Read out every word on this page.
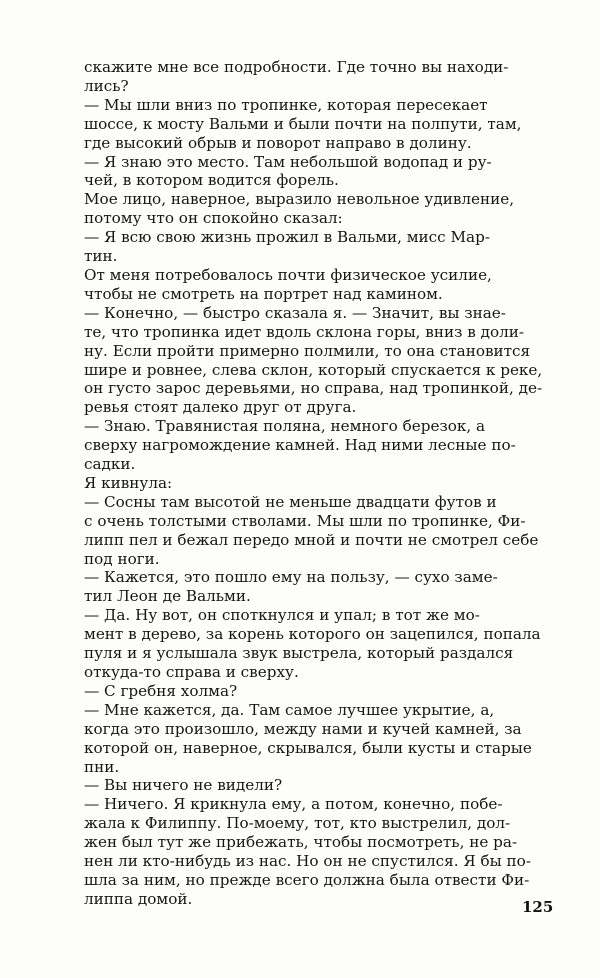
скажите мне все подробности. Где точно вы находи-
лись?
— Мы шли вниз по тропинке, которая пересекает
шоссе, к мосту Вальми и были почти на полпути, там,
где высокий обрыв и поворот направо в долину.
— Я знаю это место. Там небольшой водопад и ру-
чей, в котором водится форель.
Мое лицо, наверное, выразило невольное удивление,
потому что он спокойно сказал:
— Я всю свою жизнь прожил в Вальми, мисс Мар-
тин.
От меня потребовалось почти физическое усилие,
чтобы не смотреть на портрет над камином.
— Конечно, — быстро сказала я. — Значит, вы знае-
те, что тропинка идет вдоль склона горы, вниз в доли-
ну. Если пройти примерно полмили, то она становится
шире и ровнее, слева склон, который спускается к реке,
он густо зарос деревьями, но справа, над тропинкой, де-
ревья стоят далеко друг от друга.
— Знаю. Травянистая поляна, немного березок, а
сверху нагромождение камней. Над ними лесные по-
садки.
Я кивнула:
— Сосны там высотой не меньше двадцати футов и
с очень толстыми стволами. Мы шли по тропинке, Фи-
липп пел и бежал передо мной и почти не смотрел себе
под ноги.
— Кажется, это пошло ему на пользу, — сухо заме-
тил Леон де Вальми.
— Да. Ну вот, он споткнулся и упал; в тот же мо-
мент в дерево, за корень которого он зацепился, попала
пуля и я услышала звук выстрела, который раздался
откуда-то справа и сверху.
— С гребня холма?
— Мне кажется, да. Там самое лучшее укрытие, а,
когда это произошло, между нами и кучей камней, за
которой он, наверное, скрывался, были кусты и старые
пни.
— Вы ничего не видели?
— Ничего. Я крикнула ему, а потом, конечно, побе-
жала к Филиппу. По-моему, тот, кто выстрелил, дол-
жен был тут же прибежать, чтобы посмотреть, не ра-
нен ли кто-нибудь из нас. Но он не спустился. Я бы по-
шла за ним, но прежде всего должна была отвести Фи-
липпа домой.	125
